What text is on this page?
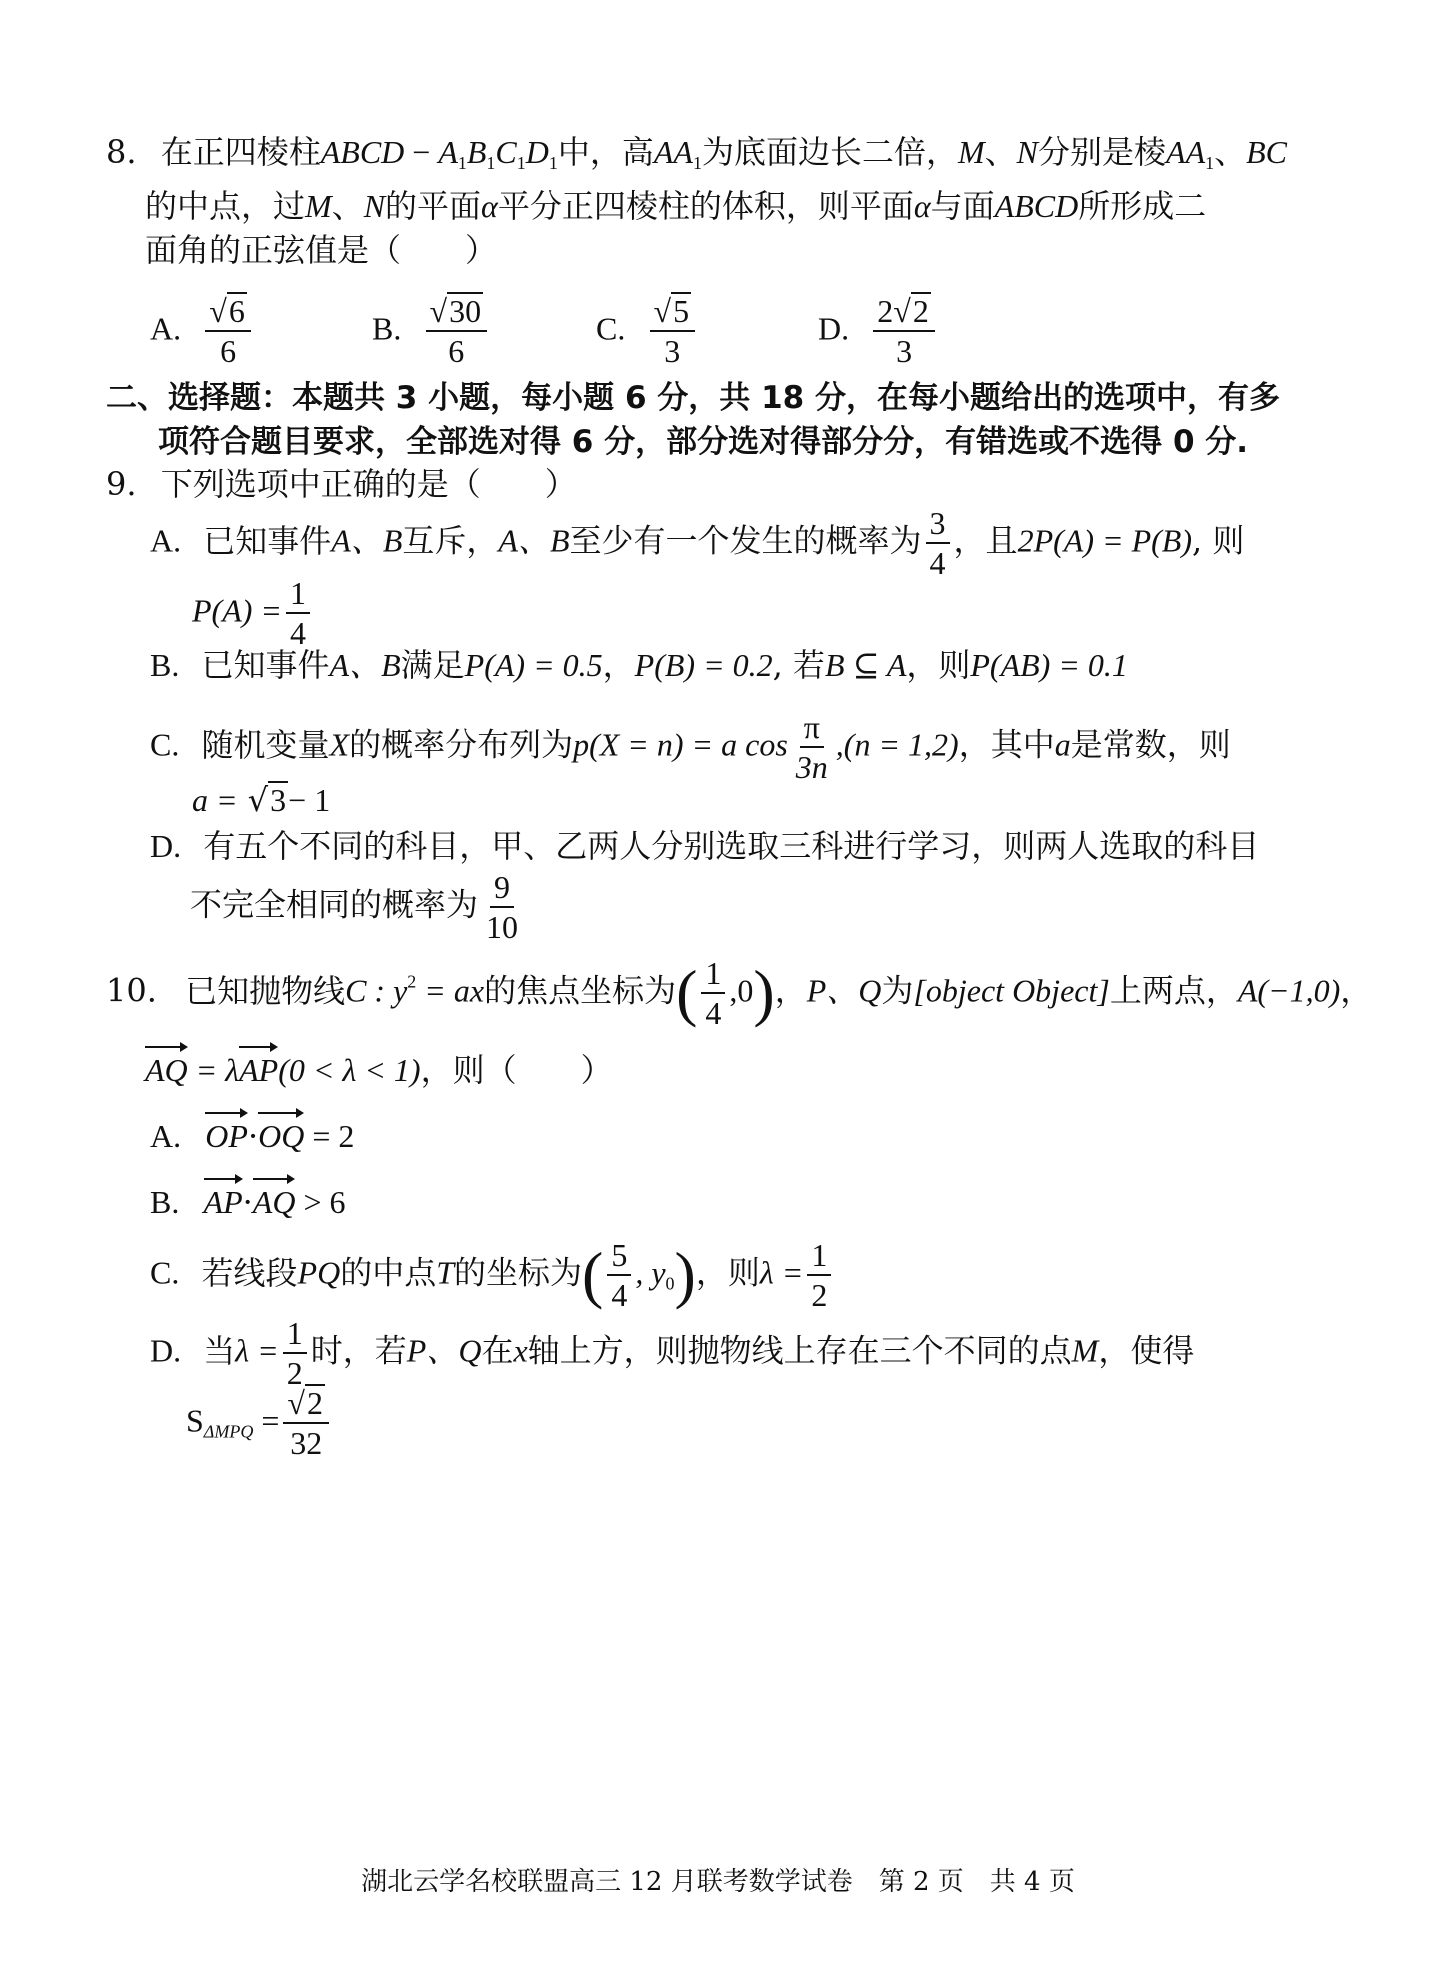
8. 在正四棱柱ABCD − $A_1B_1C_1D_1$中，高$AA_1$为底面边长二倍，M、N分别是棱$AA_1$、BC
的中点，过M、N的平面α平分正四棱柱的体积，则平面α与面ABCD所形成二
面角的正弦值是（　　）
A. $\frac{√6}{6}$	B. $\frac{√30}{6}$	C. $\frac{√5}{3}$	D. $\frac{2√2}{3}$
二、选择题：本题共 3 小题，每小题 6 分，共 18 分，在每小题给出的选项中，有多
项符合题目要求，全部选对得 6 分，部分选对得部分分，有错选或不选得 0 分.
9. 下列选项中正确的是（　　）
A. 已知事件A、B互斥，A、B至少有一个发生的概率为 $\frac{3}{4}$ ，且2P(A) = P(B), 则
$P(A) = \frac{1}{4}$
B. 已知事件A、B满足P(A) = 0.5，P(B) = 0.2, 若B ⊆ A，则P(AB) = 0.1
C. 随机变量X的概率分布列为p(X = n) = a $\cos \frac{\pi}{3n} ,(n = 1,2)$，其中a是常数，则
a = √3− 1
D. 有五个不同的科目，甲、乙两人分别选取三科进行学习，则两人选取的科目
不完全相同的概率为 $\frac{9}{10}$
10. 已知抛物线C : $y^2$ = ax的焦点坐标为( $\frac{1}{4} ,0$)，P、Q为[object Object]上两点，A(−1,0)，
AQ = λAP(0 < λ < 1)，则（　　）
A. OP·OQ = 2
B. AP·AQ > 6
C. 若线段PQ的中点T的坐标为( $\frac{5}{4}$ , $y_0$)，则$\lambda = \frac{1}{2}$
D. 当$\lambda = \frac{1}{2}$ 时，若P、Q在x轴上方，则抛物线上存在三个不同的点M，使得
$S_{\Delta MPQ} = \frac{√2}{32}$
湖北云学名校联盟高三 12 月联考数学试卷　第 2 页　共 4 页
